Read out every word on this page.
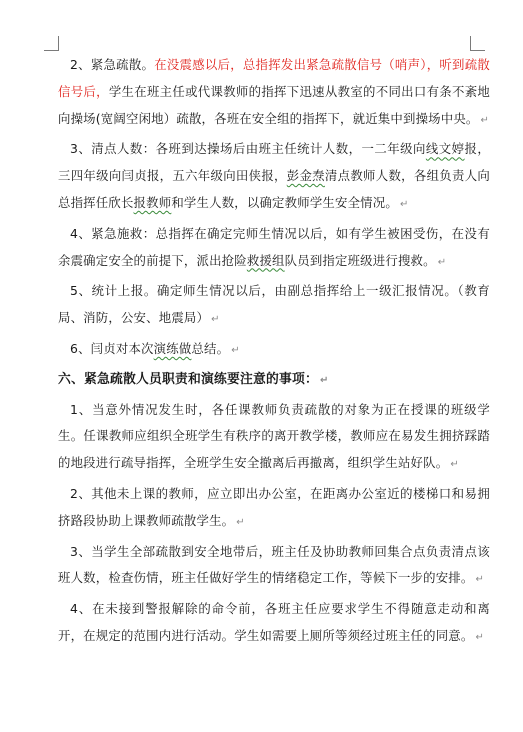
2、紧急疏散。在没震感以后，总指挥发出紧急疏散信号（哨声），听到疏散信号后，学生在班主任或代课教师的指挥下迅速从教室的不同出口有条不紊地向操场(宽阔空闲地）疏散，各班在安全组的指挥下，就近集中到操场中央。 ↵

3、清点人数：各班到达操场后由班主任统计人数，一二年级向线文婷报，三四年级向闫贞报，五六年级向田侠报，彭金焘清点教师人数，各组负责人向总指挥任欣长报教师和学生人数，以确定教师学生安全情况。 ↵

4、紧急施救：总指挥在确定完师生情况以后，如有学生被困受伤，在没有余震确定安全的前提下，派出抢险救援组队员到指定班级进行搜救。 ↵

5、统计上报。确定师生情况以后，由副总指挥给上一级汇报情况。（教育局、消防，公安、地震局） ↵

6、闫贞对本次演练做总结。 ↵

六、紧急疏散人员职责和演练要注意的事项： ↵

1、当意外情况发生时，各任课教师负责疏散的对象为正在授课的班级学生。任课教师应组织全班学生有秩序的离开教学楼，教师应在易发生拥挤踩踏的地段进行疏导指挥，全班学生安全撤离后再撤离，组织学生站好队。 ↵

2、其他未上课的教师，应立即出办公室，在距离办公室近的楼梯口和易拥挤路段协助上课教师疏散学生。 ↵

3、当学生全部疏散到安全地带后，班主任及协助教师回集合点负责清点该班人数，检查伤情，班主任做好学生的情绪稳定工作，等候下一步的安排。 ↵

4、在未接到警报解除的命令前，各班主任应要求学生不得随意走动和离开，在规定的范围内进行活动。学生如需要上厕所等须经过班主任的同意。 ↵
